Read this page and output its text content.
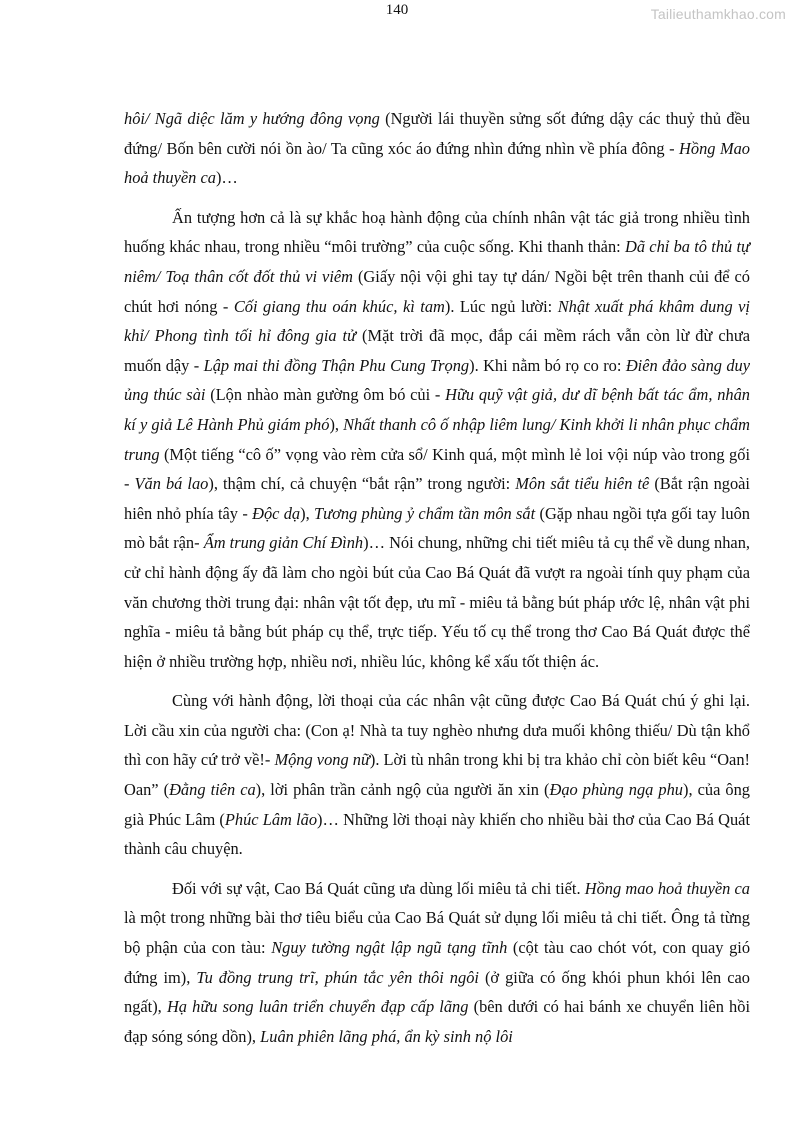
140	Tailieuthamkhao.com

hôi/ Ngã diệc lăm y hướng đông vọng (Người lái thuyền sửng sốt đứng dậy các thuỷ thủ đều đứng/ Bốn bên cười nói ồn ào/ Ta cũng xóc áo đứng nhìn đứng nhìn về phía đông - Hồng Mao hoả thuyền ca)…

Ấn tượng hơn cả là sự khắc hoạ hành động của chính nhân vật tác giả trong nhiều tình huống khác nhau, trong nhiều “môi trường” của cuộc sống. Khi thanh thản: Dã chỉ ba tô thủ tự niêm/ Toạ thân cốt đốt thủ vi viêm (Giấy nội vội ghi tay tự dán/ Ngồi bệt trên thanh củi để có chút hơi nóng - Cối giang thu oán khúc, kì tam). Lúc ngủ lười: Nhật xuất phá khâm dung vị khỉ/ Phong tình tối hỉ đông gia tử (Mặt trời đã mọc, đắp cái mềm rách vẫn còn lừ đừ chưa muốn dậy - Lập mai thi đồng Thận Phu Cung Trọng). Khi nằm bó rọ co ro: Điên đảo sàng duy ủng thúc sài (Lộn nhào màn gường ôm bó củi - Hữu quỹ vật giả, dư dĩ bệnh bất tác ẩm, nhân kí y giả Lê Hành Phủ giám phó), Nhất thanh cô ố nhập liêm lung/ Kinh khởi li nhân phục chẩm trung (Một tiếng “cô ố” vọng vào rèm cửa sổ/ Kinh quá, một mình lẻ loi vội núp vào trong gối - Văn bá lao), thậm chí, cả chuyện “bắt rận” trong người: Môn sắt tiểu hiên tê (Bắt rận ngoài hiên nhỏ phía tây - Độc dạ), Tương phùng ỷ chẩm tần môn sắt (Gặp nhau ngồi tựa gối tay luôn mò bắt rận- Ẩm trung giản Chí Đình)… Nói chung, những chi tiết miêu tả cụ thể về dung nhan, cử chỉ hành động ấy đã làm cho ngòi bút của Cao Bá Quát đã vượt ra ngoài tính quy phạm của văn chương thời trung đại: nhân vật tốt đẹp, ưu mĩ - miêu tả bằng bút pháp ước lệ, nhân vật phi nghĩa - miêu tả bằng bút pháp cụ thể, trực tiếp. Yếu tố cụ thể trong thơ Cao Bá Quát được thể hiện ở nhiều trường hợp, nhiều nơi, nhiều lúc, không kể xấu tốt thiện ác.

Cùng với hành động, lời thoại của các nhân vật cũng được Cao Bá Quát chú ý ghi lại. Lời cầu xin của người cha: (Con ạ! Nhà ta tuy nghèo nhưng dưa muối không thiếu/ Dù tận khổ thì con hãy cứ trở về!- Mộng vong nữ). Lời tù nhân trong khi bị tra khảo chỉ còn biết kêu “Oan! Oan” (Đằng tiên ca), lời phân trần cảnh ngộ của người ăn xin (Đạo phùng ngạ phu), của ông già Phúc Lâm (Phúc Lâm lão)… Những lời thoại này khiến cho nhiều bài thơ của Cao Bá Quát thành câu chuyện.

Đối với sự vật, Cao Bá Quát cũng ưa dùng lối miêu tả chi tiết. Hồng mao hoả thuyền ca là một trong những bài thơ tiêu biểu của Cao Bá Quát sử dụng lối miêu tả chi tiết. Ông tả từng bộ phận của con tàu: Nguy tường ngật lập ngũ tạng tĩnh (cột tàu cao chót vót, con quay gió đứng im), Tu đồng trung trĩ, phún tắc yên thôi ngôi (ở giữa có ống khói phun khói lên cao ngất), Hạ hữu song luân triển chuyển đạp cấp lãng (bên dưới có hai bánh xe chuyển liên hồi đạp sóng sóng dồn), Luân phiên lãng phá, ẩn kỳ sinh nộ lôi
